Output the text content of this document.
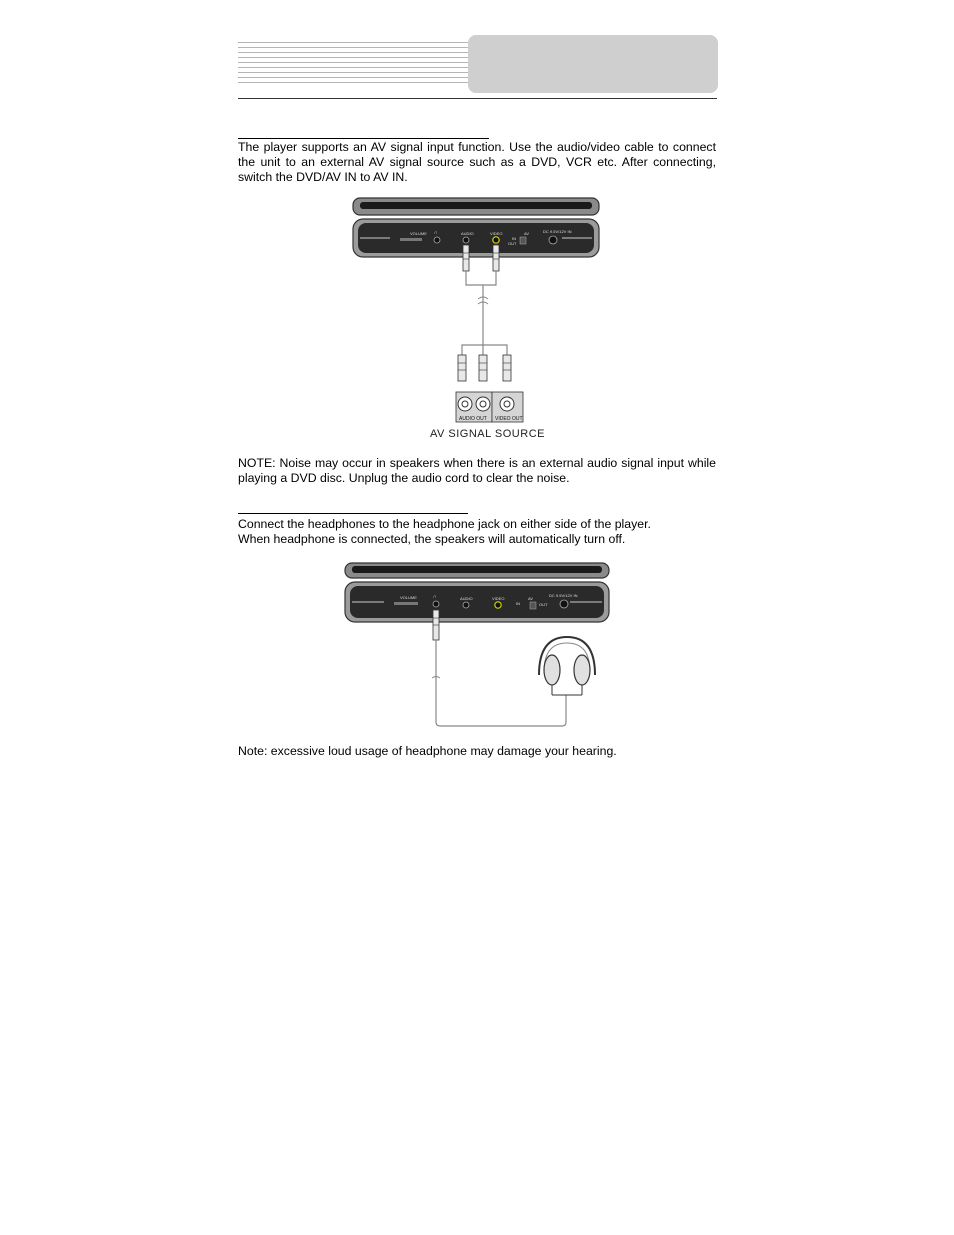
The player supports an AV signal input function. Use the audio/video cable to connect the unit to an external AV signal source such as a DVD, VCR etc. After connecting, switch the DVD/AV IN to AV IN.
VOLUME ∩	AUDIO	VIDEO
IN
AV
OUT
DC 9.5V/12V IN
AUDIO OUT VIDEO OUT
AV SIGNAL SOURCE
NOTE: Noise may occur in speakers when there is an external audio signal input while playing a DVD disc. Unplug the audio cord to clear the noise.

Connect the headphones to the headphone jack on either side of the player.

When headphone is connected, the speakers will automatically turn off.

VOLUME	∩	AUDIO	VIDEO
IN
AV
OUT
DC 9.5V/12V IN
Note: excessive loud usage of headphone may damage your hearing.
